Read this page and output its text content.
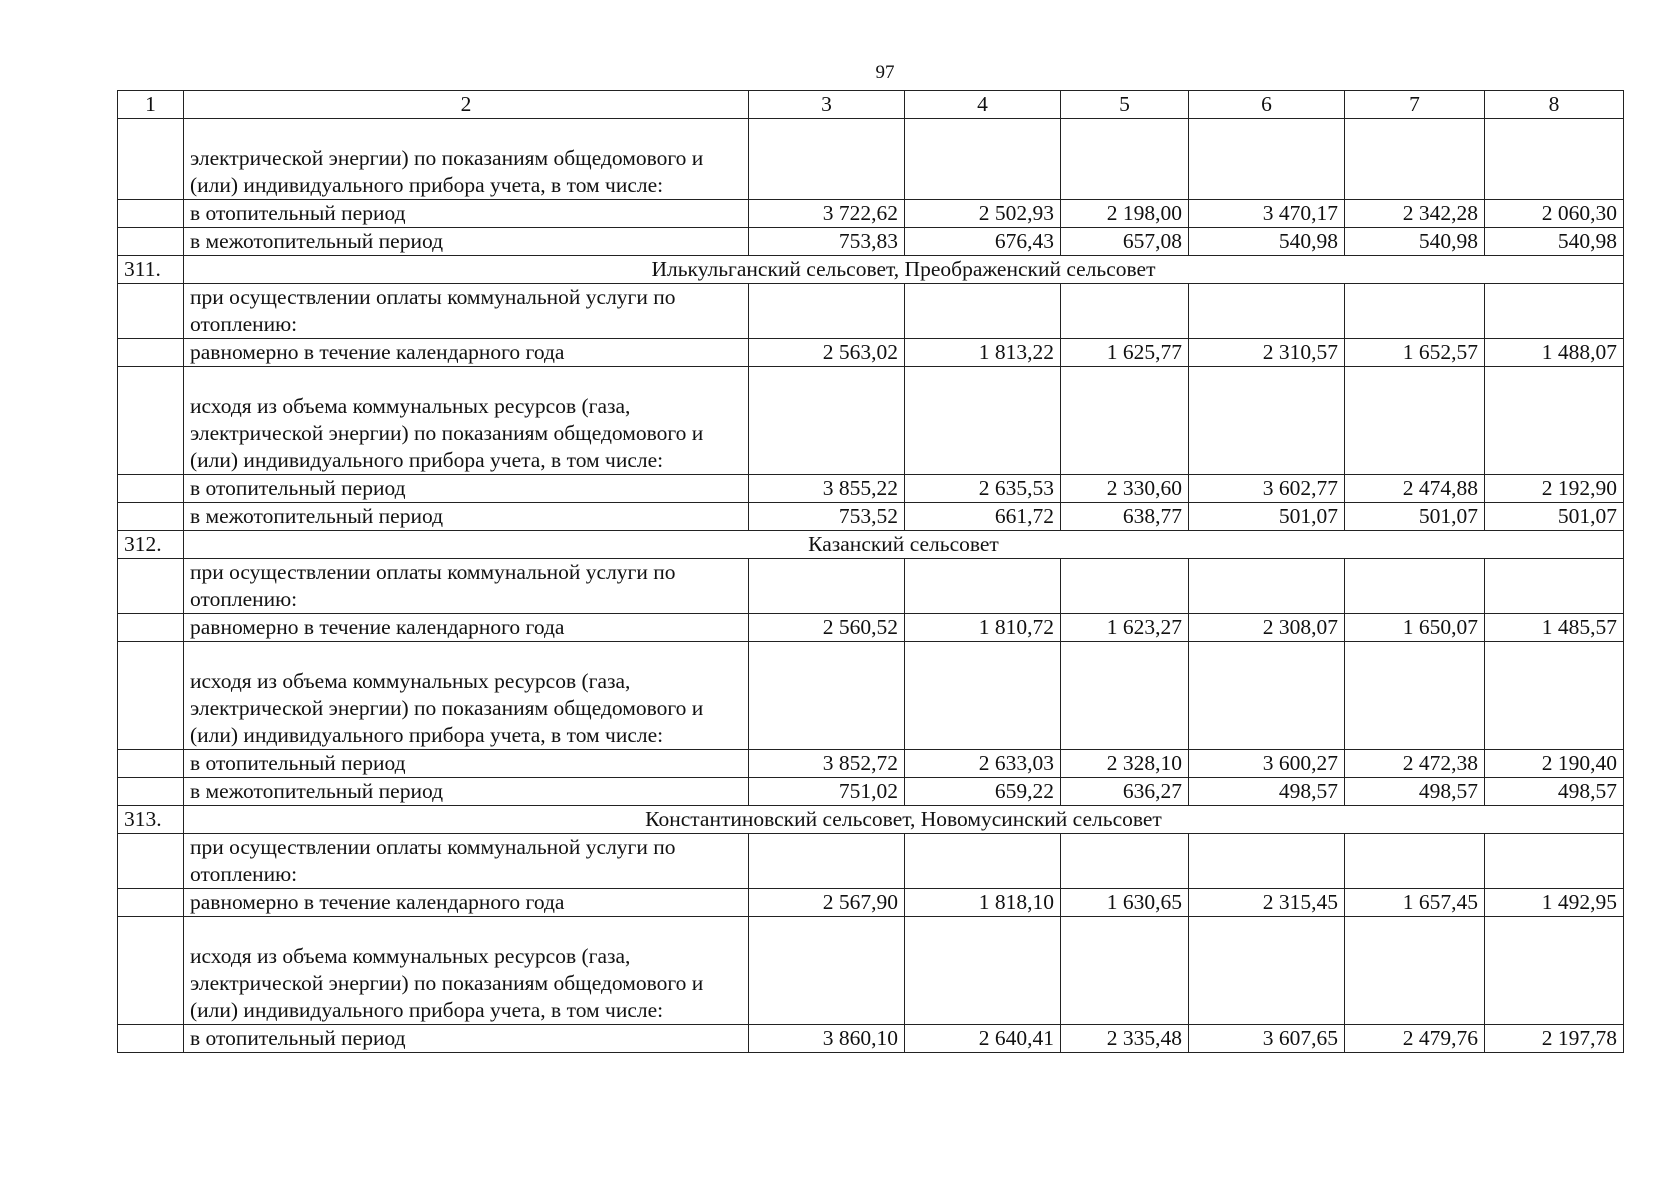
97
1	2	3	4	5	6	7	8
	электрической энергии) по показаниям общедомового и (или) индивидуального прибора учета, в том числе:						
	в отопительный период	3 722,62	2 502,93	2 198,00	3 470,17	2 342,28	2 060,30
	в межотопительный период	753,83	676,43	657,08	540,98	540,98	540,98
311.	Илькульганский сельсовет, Преображенский сельсовет						
	при осуществлении оплаты коммунальной услуги по отоплению:						
	равномерно в течение календарного года	2 563,02	1 813,22	1 625,77	2 310,57	1 652,57	1 488,07
	исходя из объема коммунальных ресурсов (газа, электрической энергии) по показаниям общедомового и (или) индивидуального прибора учета, в том числе:						
	в отопительный период	3 855,22	2 635,53	2 330,60	3 602,77	2 474,88	2 192,90
	в межотопительный период	753,52	661,72	638,77	501,07	501,07	501,07
312.	Казанский сельсовет						
	при осуществлении оплаты коммунальной услуги по отоплению:						
	равномерно в течение календарного года	2 560,52	1 810,72	1 623,27	2 308,07	1 650,07	1 485,57
	исходя из объема коммунальных ресурсов (газа, электрической энергии) по показаниям общедомового и (или) индивидуального прибора учета, в том числе:						
	в отопительный период	3 852,72	2 633,03	2 328,10	3 600,27	2 472,38	2 190,40
	в межотопительный период	751,02	659,22	636,27	498,57	498,57	498,57
313.	Константиновский сельсовет, Новомусинский сельсовет						
	при осуществлении оплаты коммунальной услуги по отоплению:						
	равномерно в течение календарного года	2 567,90	1 818,10	1 630,65	2 315,45	1 657,45	1 492,95
	исходя из объема коммунальных ресурсов (газа, электрической энергии) по показаниям общедомового и (или) индивидуального прибора учета, в том числе:						
	в отопительный период	3 860,10	2 640,41	2 335,48	3 607,65	2 479,76	2 197,78
